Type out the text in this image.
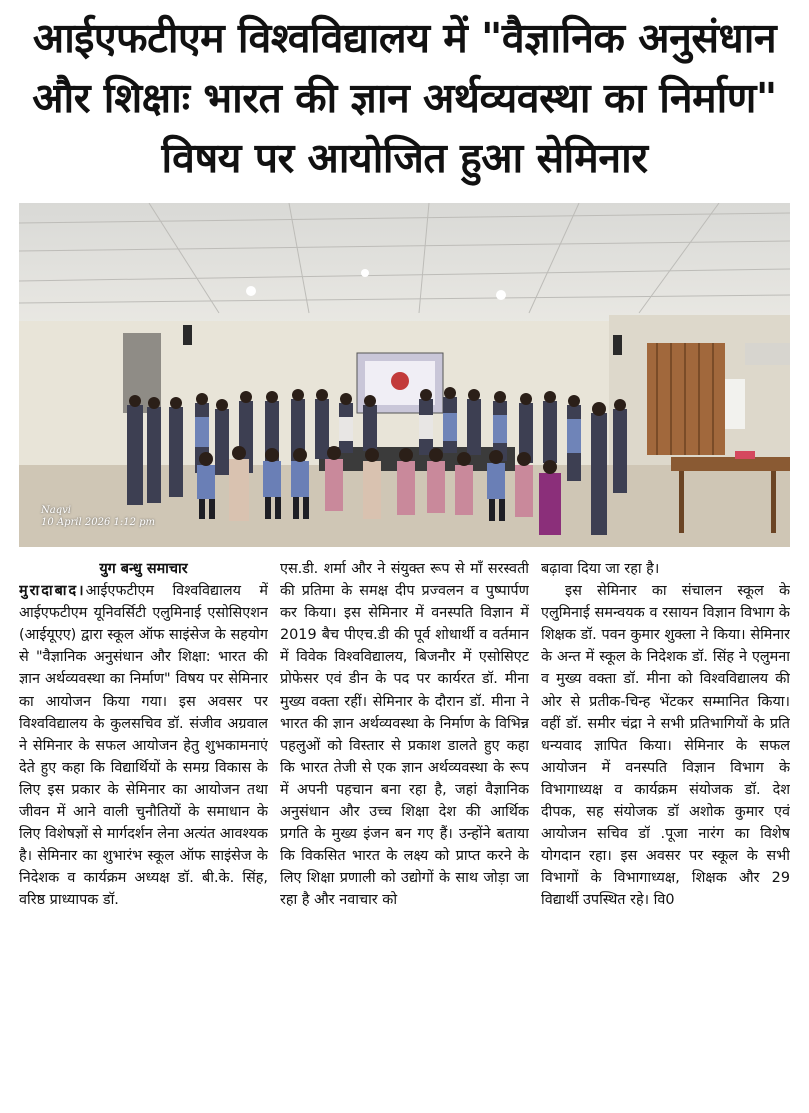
आईएफटीएम विश्वविद्यालय में "वैज्ञानिक अनुसंधान और शिक्षाः भारत की ज्ञान अर्थव्यवस्था का निर्माण" विषय पर आयोजित हुआ सेमिनार
Naqvi
10 April 2026 1:12 pm

युग बन्धु समाचार

मुरादाबाद।आईएफटीएम विश्वविद्यालय में आईएफटीएम यूनिवर्सिटी एलुमिनाई एसोसिएशन (आईयूएए) द्वारा स्कूल ऑफ साइंसेज के सहयोग से "वैज्ञानिक अनुसंधान और शिक्षा: भारत की ज्ञान अर्थव्यवस्था का निर्माण" विषय पर सेमिनार का आयोजन किया गया। इस अवसर पर विश्वविद्यालय के कुलसचिव डॉ. संजीव अग्रवाल ने सेमिनार के सफल आयोजन हेतु शुभकामनाएं देते हुए कहा कि विद्यार्थियों के समग्र विकास के लिए इस प्रकार के सेमिनार का आयोजन तथा जीवन में आने वाली चुनौतियों के समाधान के लिए विशेषज्ञों से मार्गदर्शन लेना अत्यंत आवश्यक है। सेमिनार का शुभारंभ स्कूल ऑफ साइंसेज के निदेशक व कार्यक्रम अध्यक्ष डॉ. बी.के. सिंह, वरिष्ठ प्राध्यापक डॉ.

एस.डी. शर्मा और ने संयुक्त रूप से माँ सरस्वती की प्रतिमा के समक्ष दीप प्रज्वलन व पुष्पार्पण कर किया। इस सेमिनार में वनस्पति विज्ञान में 2019 बैच पीएच.डी की पूर्व शोधार्थी व वर्तमान में विवेक विश्वविद्यालय, बिजनौर में एसोसिएट प्रोफेसर एवं डीन के पद पर कार्यरत डॉ. मीना मुख्य वक्ता रहीं। सेमिनार के दौरान डॉ. मीना ने भारत की ज्ञान अर्थव्यवस्था के निर्माण के विभिन्न पहलुओं को विस्तार से प्रकाश डालते हुए कहा कि भारत तेजी से एक ज्ञान अर्थव्यवस्था के रूप में अपनी पहचान बना रहा है, जहां वैज्ञानिक अनुसंधान और उच्च शिक्षा देश की आर्थिक प्रगति के मुख्य इंजन बन गए हैं। उन्होंने बताया कि विकसित भारत के लक्ष्य को प्राप्त करने के लिए शिक्षा प्रणाली को उद्योगों के साथ जोड़ा जा रहा है और नवाचार को

बढ़ावा दिया जा रहा है।

इस सेमिनार का संचालन स्कूल के एलुमिनाई समन्वयक व रसायन विज्ञान विभाग के शिक्षक डॉ. पवन कुमार शुक्ला ने किया। सेमिनार के अन्त में स्कूल के निदेशक डॉ. सिंह ने एलुमना व मुख्य वक्ता डॉ. मीना को विश्वविद्यालय की ओर से प्रतीक-चिन्ह भेंटकर सम्मानित किया। वहीं डॉ. समीर चंद्रा ने सभी प्रतिभागियों के प्रति धन्यवाद ज्ञापित किया। सेमिनार के सफल आयोजन में वनस्पति विज्ञान विभाग के विभागाध्यक्ष व कार्यक्रम संयोजक डॉ. देश दीपक, सह संयोजक डॉ अशोक कुमार एवं आयोजन सचिव डॉ .पूजा नारंग का विशेष योगदान रहा। इस अवसर पर स्कूल के सभी विभागों के विभागाध्यक्ष, शिक्षक और 29 विद्यार्थी उपस्थित रहे। वि0
